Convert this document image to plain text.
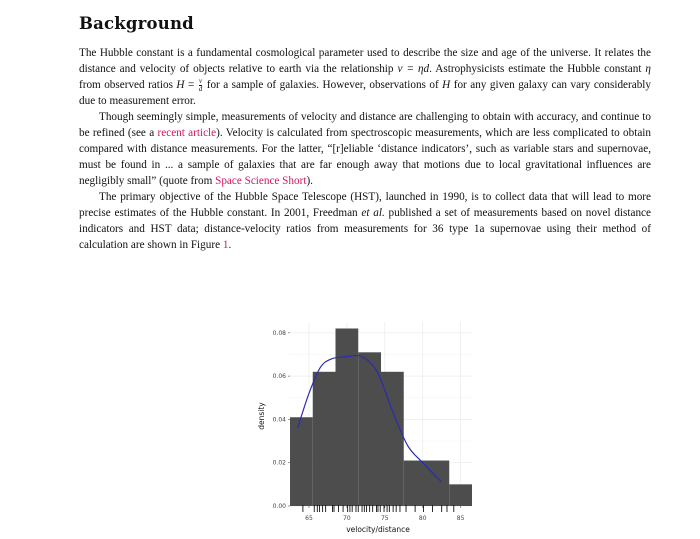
Background

The Hubble constant is a fundamental cosmological parameter used to describe the size and age of the universe. It relates the distance and velocity of objects relative to earth via the relationship v = ηd. Astrophysicists estimate the Hubble constant η from observed ratios $H = \frac{v}{d}$ for a sample of galaxies. However, observations of H for any given galaxy can vary considerably due to measurement error.

Though seemingly simple, measurements of velocity and distance are challenging to obtain with accuracy, and continue to be refined (see a recent article). Velocity is calculated from spectroscopic measurements, which are less complicated to obtain compared with distance measurements. For the latter, “[r]eliable ‘distance indicators’, such as variable stars and supernovae, must be found in ... a sample of galaxies that are far enough away that motions due to local gravitational influences are negligibly small” (quote from Space Science Short).

The primary objective of the Hubble Space Telescope (HST), launched in 1990, is to collect data that will lead to more precise estimates of the Hubble constant. In 2001, Freedman et al. published a set of measurements based on novel distance indicators and HST data; distance-velocity ratios from measurements for 36 type 1a supernovae using their method of calculation are shown in Figure 1.

0.00
0.02
0.04
0.06
0.08
65	70	75	80	85
velocity/distance
density
